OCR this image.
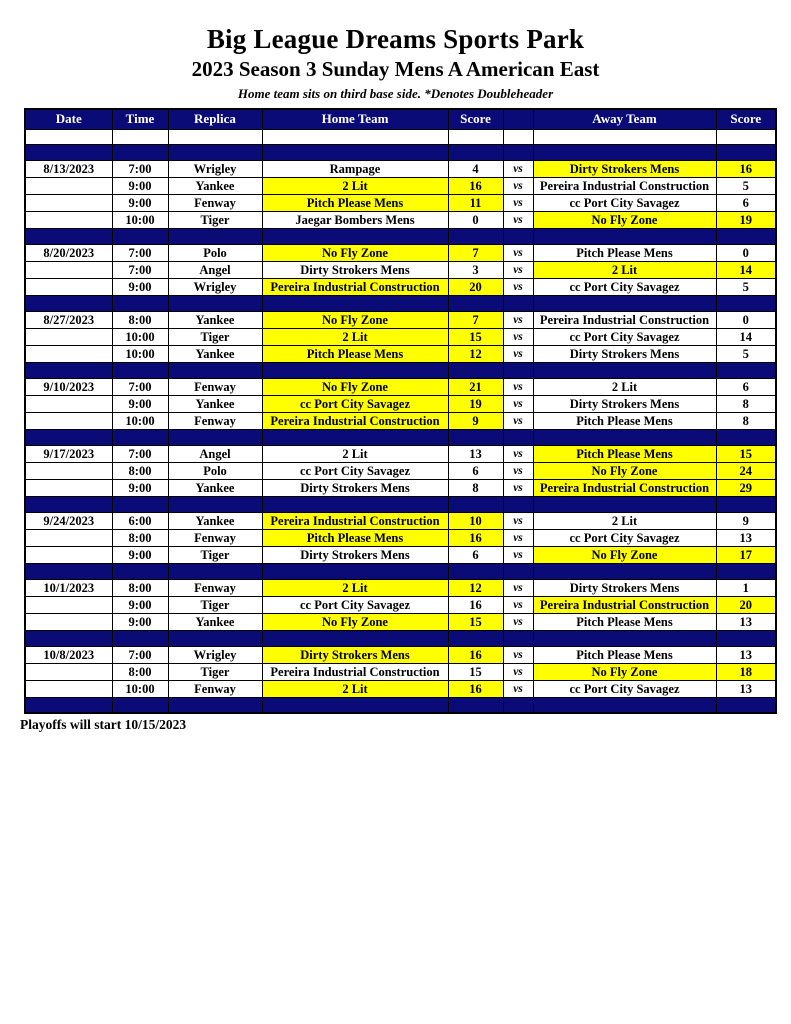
Big League Dreams Sports Park
2023 Season 3 Sunday Mens A American East

Home team sits on third base side. *Denotes Doubleheader

Date	Time	Replica	Home Team	Score		Away Team	Score

8/13/2023	7:00	Wrigley	Rampage	4	vs	Dirty Strokers Mens	16
	9:00	Yankee	2 Lit	16	vs	Pereira Industrial Construction	5
	9:00	Fenway	Pitch Please Mens	11	vs	cc Port City Savagez	6
	10:00	Tiger	Jaegar Bombers Mens	0	vs	No Fly Zone	19

8/20/2023	7:00	Polo	No Fly Zone	7	vs	Pitch Please Mens	0
	7:00	Angel	Dirty Strokers Mens	3	vs	2 Lit	14
	9:00	Wrigley	Pereira Industrial Construction	20	vs	cc Port City Savagez	5

8/27/2023	8:00	Yankee	No Fly Zone	7	vs	Pereira Industrial Construction	0
	10:00	Tiger	2 Lit	15	vs	cc Port City Savagez	14
	10:00	Yankee	Pitch Please Mens	12	vs	Dirty Strokers Mens	5

9/10/2023	7:00	Fenway	No Fly Zone	21	vs	2 Lit	6
	9:00	Yankee	cc Port City Savagez	19	vs	Dirty Strokers Mens	8
	10:00	Fenway	Pereira Industrial Construction	9	vs	Pitch Please Mens	8

9/17/2023	7:00	Angel	2 Lit	13	vs	Pitch Please Mens	15
	8:00	Polo	cc Port City Savagez	6	vs	No Fly Zone	24
	9:00	Yankee	Dirty Strokers Mens	8	vs	Pereira Industrial Construction	29

9/24/2023	6:00	Yankee	Pereira Industrial Construction	10	vs	2 Lit	9
	8:00	Fenway	Pitch Please Mens	16	vs	cc Port City Savagez	13
	9:00	Tiger	Dirty Strokers Mens	6	vs	No Fly Zone	17

10/1/2023	8:00	Fenway	2 Lit	12	vs	Dirty Strokers Mens	1
	9:00	Tiger	cc Port City Savagez	16	vs	Pereira Industrial Construction	20
	9:00	Yankee	No Fly Zone	15	vs	Pitch Please Mens	13

10/8/2023	7:00	Wrigley	Dirty Strokers Mens	16	vs	Pitch Please Mens	13
	8:00	Tiger	Pereira Industrial Construction	15	vs	No Fly Zone	18
	10:00	Fenway	2 Lit	16	vs	cc Port City Savagez	13

Playoffs will start 10/15/2023
